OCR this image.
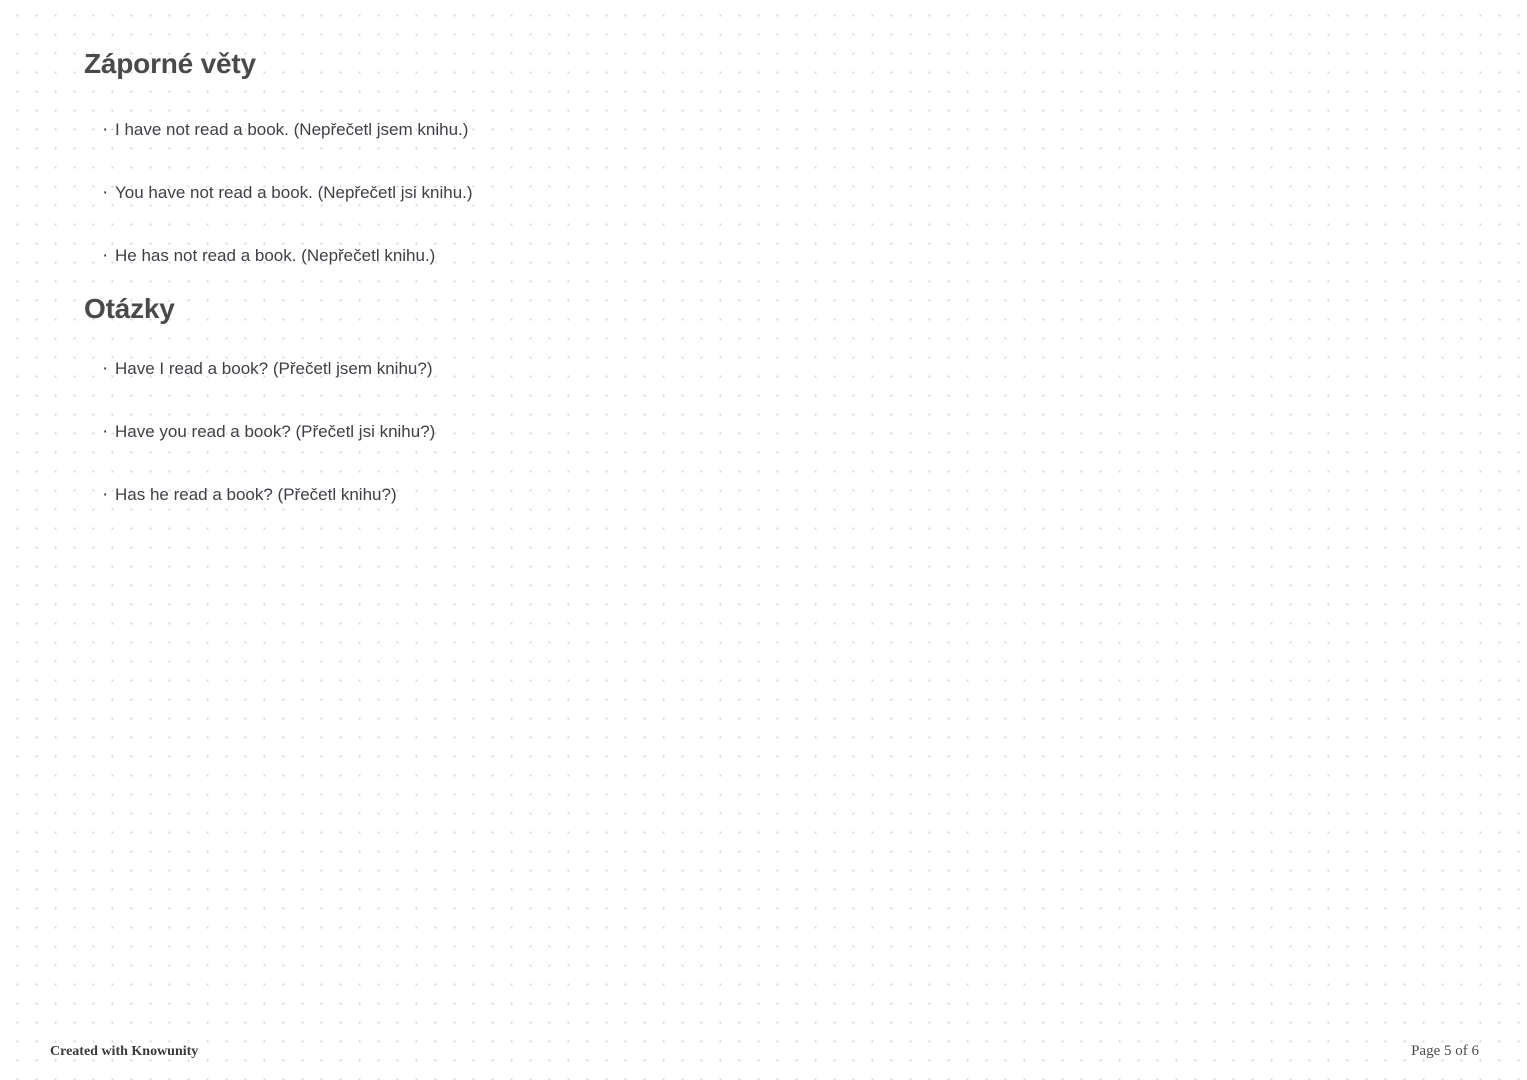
Záporné věty
· I have not read a book. (Nepřečetl jsem knihu.)
· You have not read a book. (Nepřečetl jsi knihu.)
· He has not read a book. (Nepřečetl knihu.)
Otázky
· Have I read a book? (Přečetl jsem knihu?)
· Have you read a book? (Přečetl jsi knihu?)
· Has he read a book? (Přečetl knihu?)
Created with Knowunity	Page 5 of 6
